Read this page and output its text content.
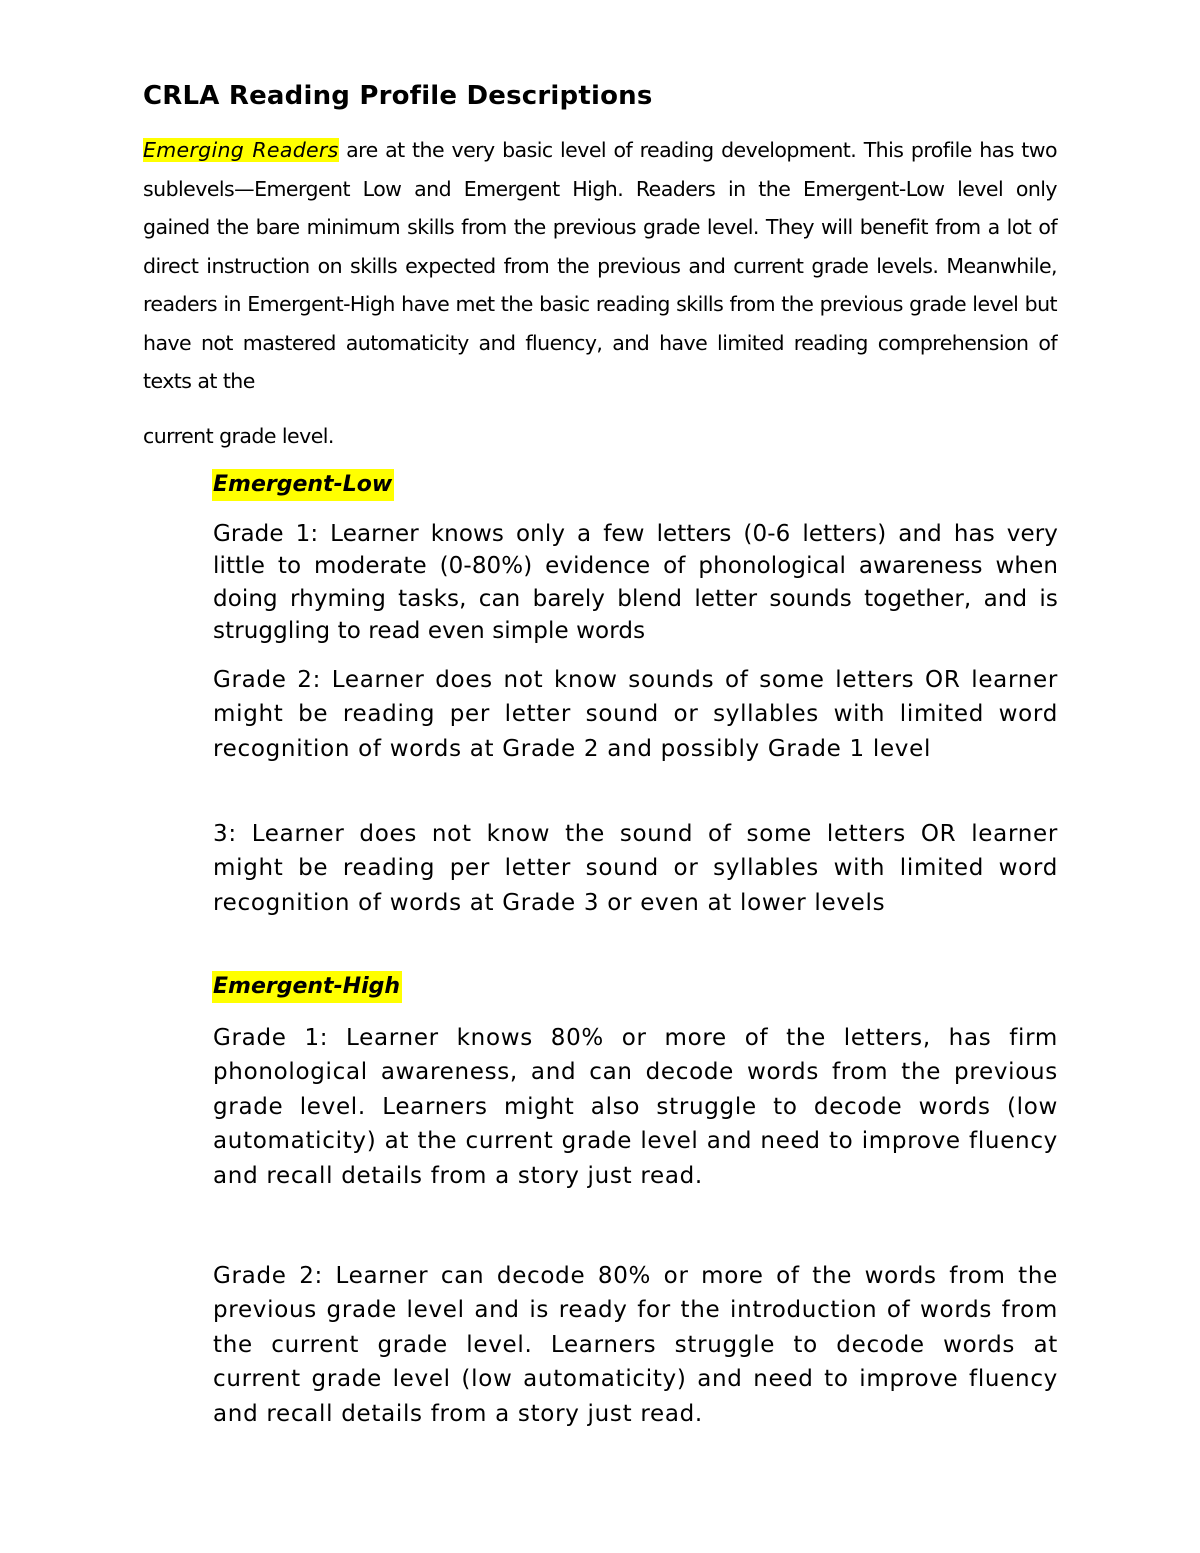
CRLA Reading Profile Descriptions

Emerging Readers are at the very basic level of reading development. This profile has two sublevels—Emergent Low and Emergent High. Readers in the Emergent-Low level only gained the bare minimum skills from the previous grade level. They will benefit from a lot of direct instruction on skills expected from the previous and current grade levels. Meanwhile, readers in Emergent-High have met the basic reading skills from the previous grade level but have not mastered automaticity and fluency, and have limited reading comprehension of texts at the

current grade level.

Emergent-Low

Grade 1: Learner knows only a few letters (0-6 letters) and has very little to moderate (0-80%) evidence of phonological awareness when doing rhyming tasks, can barely blend letter sounds together, and is struggling to read even simple words

Grade 2: Learner does not know sounds of some letters OR learner might be reading per letter sound or syllables with limited word recognition of words at Grade 2 and possibly Grade 1 level

3: Learner does not know the sound of some letters OR learner might be reading per letter sound or syllables with limited word recognition of words at Grade 3 or even at lower levels

Emergent-High

Grade 1: Learner knows 80% or more of the letters, has firm phonological awareness, and can decode words from the previous grade level. Learners might also struggle to decode words (low automaticity) at the current grade level and need to improve fluency and recall details from a story just read.

Grade 2: Learner can decode 80% or more of the words from the previous grade level and is ready for the introduction of words from the current grade level. Learners struggle to decode words at current grade level (low automaticity) and need to improve fluency and recall details from a story just read.
